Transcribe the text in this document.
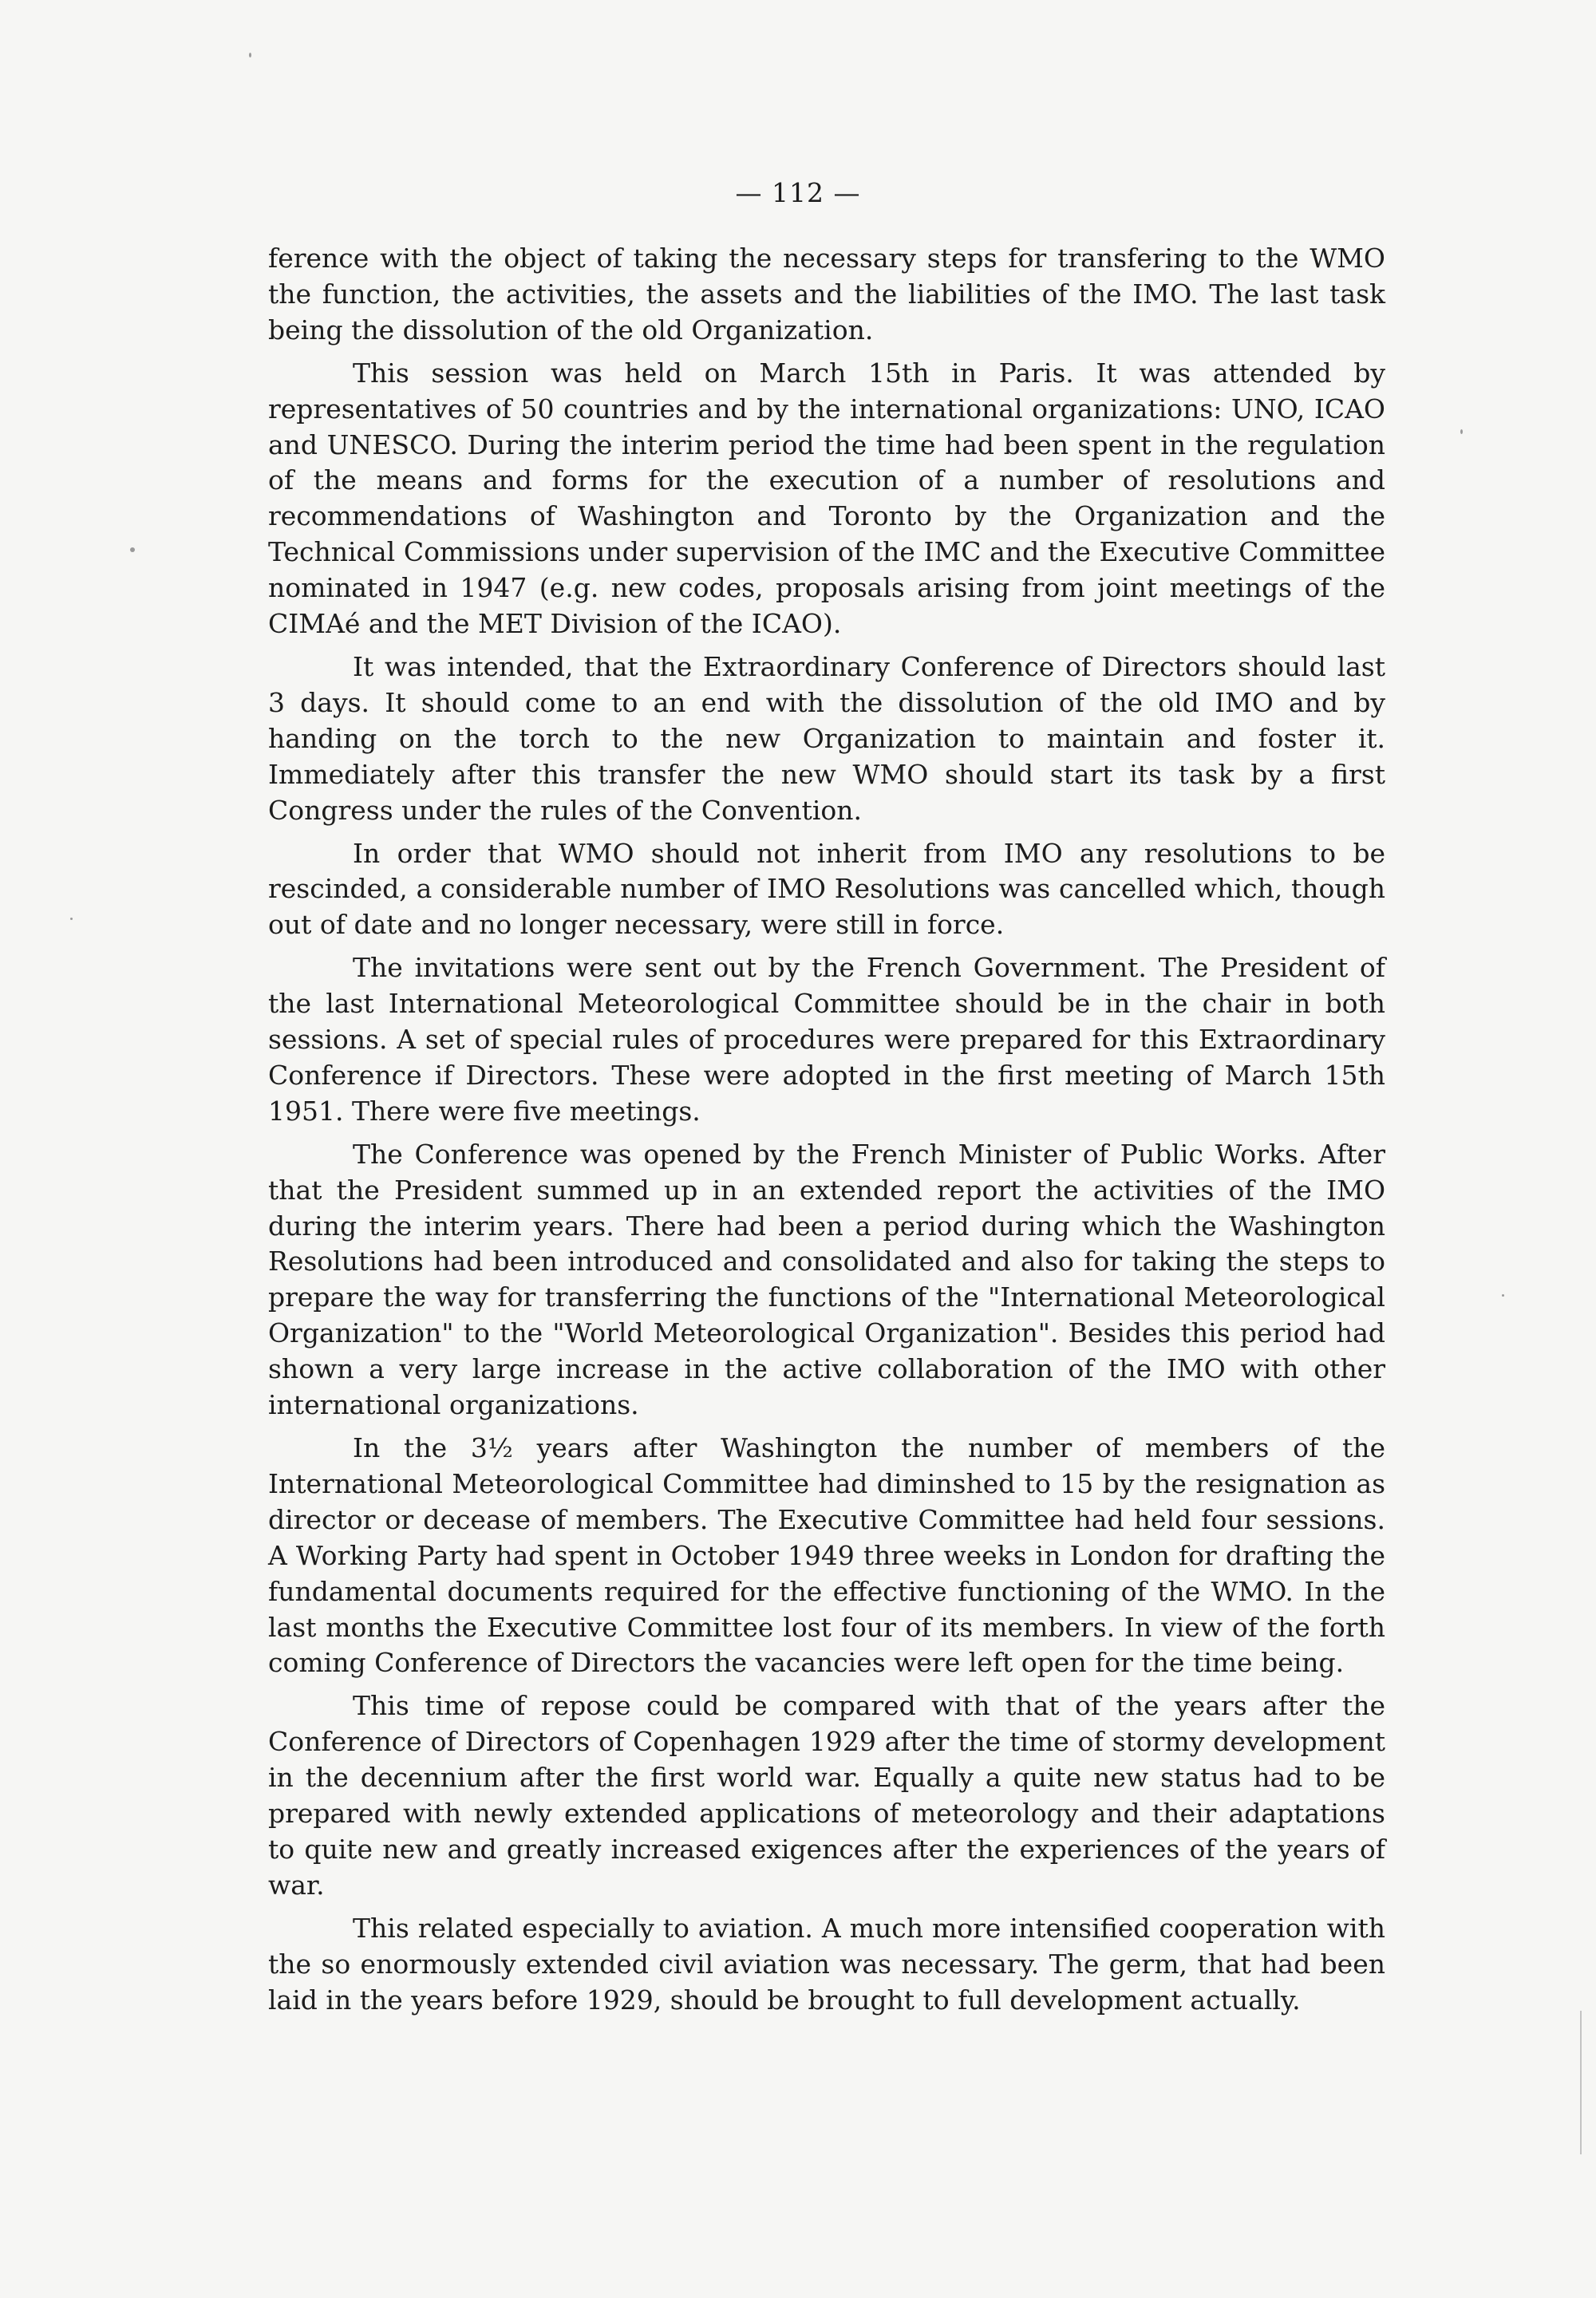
— 112 —

ference with the object of taking the necessary steps for transfering to the WMO the function, the activities, the assets and the liabilities of the IMO. The last task being the dissolution of the old Organization.

This session was held on March 15th in Paris. It was attended by representatives of 50 countries and by the international organizations: UNO, ICAO and UNESCO. During the interim period the time had been spent in the regulation of the means and forms for the execution of a number of resolutions and recommendations of Washington and Toronto by the Organization and the Technical Commissions under supervision of the IMC and the Executive Committee nominated in 1947 (e.g. new codes, proposals arising from joint meetings of the CIMAé and the MET Division of the ICAO).

It was intended, that the Extraordinary Conference of Directors should last 3 days. It should come to an end with the dissolution of the old IMO and by handing on the torch to the new Organization to maintain and foster it. Immediately after this transfer the new WMO should start its task by a first Congress under the rules of the Convention.

In order that WMO should not inherit from IMO any resolutions to be rescinded, a considerable number of IMO Resolutions was cancelled which, though out of date and no longer necessary, were still in force.

The invitations were sent out by the French Government. The President of the last International Meteorological Committee should be in the chair in both sessions. A set of special rules of procedures were prepared for this Extraordinary Conference if Directors. These were adopted in the first meeting of March 15th 1951. There were five meetings.

The Conference was opened by the French Minister of Public Works. After that the President summed up in an extended report the activities of the IMO during the interim years. There had been a period during which the Washington Resolutions had been introduced and consolidated and also for taking the steps to prepare the way for transferring the functions of the "International Meteorological Organization" to the "World Meteorological Organization". Besides this period had shown a very large increase in the active collaboration of the IMO with other international organizations.

In the 3½ years after Washington the number of members of the International Meteorological Committee had diminshed to 15 by the resignation as director or decease of members. The Executive Committee had held four sessions. A Working Party had spent in October 1949 three weeks in London for drafting the fundamental documents required for the effective functioning of the WMO. In the last months the Executive Committee lost four of its members. In view of the forth coming Conference of Directors the vacancies were left open for the time being.

This time of repose could be compared with that of the years after the Conference of Directors of Copenhagen 1929 after the time of stormy development in the decennium after the first world war. Equally a quite new status had to be prepared with newly extended applications of meteorology and their adaptations to quite new and greatly increased exigences after the experiences of the years of war.

This related especially to aviation. A much more intensified cooperation with the so enormously extended civil aviation was necessary. The germ, that had been laid in the years before 1929, should be brought to full development actually.
